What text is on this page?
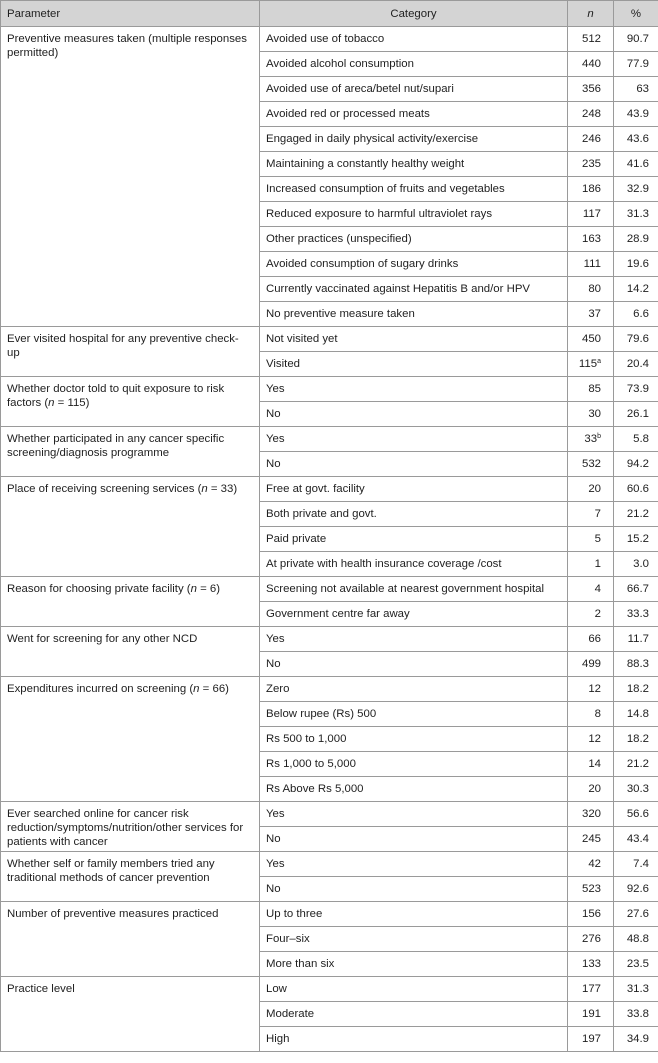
Parameter	Category	n	%
Preventive measures taken (multiple responses permitted)	Avoided use of tobacco	512	90.7
	Avoided alcohol consumption	440	77.9
	Avoided use of areca/betel nut/supari	356	63
	Avoided red or processed meats	248	43.9
	Engaged in daily physical activity/exercise	246	43.6
	Maintaining a constantly healthy weight	235	41.6
	Increased consumption of fruits and vegetables	186	32.9
	Reduced exposure to harmful ultraviolet rays	117	31.3
	Other practices (unspecified)	163	28.9
	Avoided consumption of sugary drinks	111	19.6
	Currently vaccinated against Hepatitis B and/or HPV	80	14.2
	No preventive measure taken	37	6.6
Ever visited hospital for any preventive check-up	Not visited yet	450	79.6
	Visited	115$^a$	20.4
Whether doctor told to quit exposure to risk factors (n = 115)	Yes	85	73.9
	No	30	26.1
Whether participated in any cancer specific screening/diagnosis programme	Yes	33$^b$	5.8
	No	532	94.2
Place of receiving screening services (n = 33)	Free at govt. facility	20	60.6
	Both private and govt.	7	21.2
	Paid private	5	15.2
	At private with health insurance coverage /cost	1	3.0
Reason for choosing private facility (n = 6)	Screening not available at nearest government hospital	4	66.7
	Government centre far away	2	33.3
Went for screening for any other NCD	Yes	66	11.7
	No	499	88.3
Expenditures incurred on screening (n = 66)	Zero	12	18.2
	Below rupee (Rs) 500	8	14.8
	Rs 500 to 1,000	12	18.2
	Rs 1,000 to 5,000	14	21.2
	Rs Above Rs 5,000	20	30.3
Ever searched online for cancer risk reduction/symptoms/nutrition/other services for patients with cancer	Yes	320	56.6
	No	245	43.4
Whether self or family members tried any traditional methods of cancer prevention	Yes	42	7.4
	No	523	92.6
Number of preventive measures practiced	Up to three	156	27.6
	Four–six	276	48.8
	More than six	133	23.5
Practice level	Low	177	31.3
	Moderate	191	33.8
	High	197	34.9
